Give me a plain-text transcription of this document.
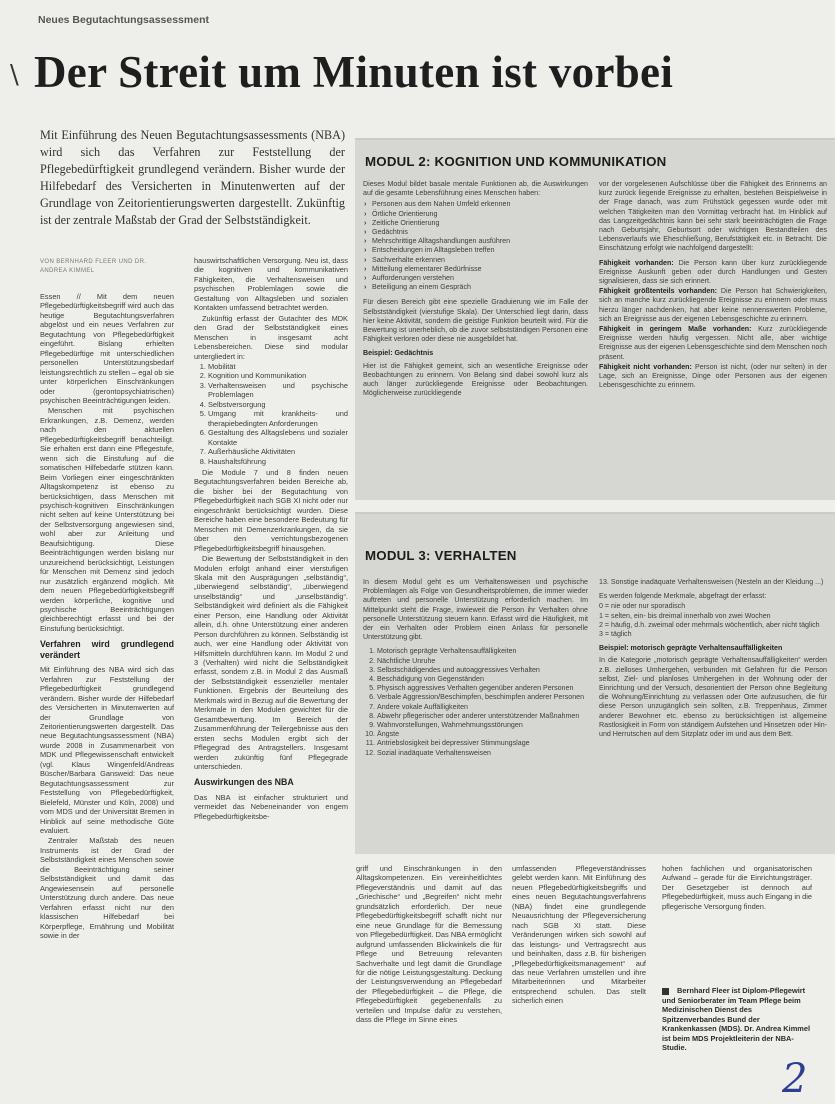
Neues Begutachtungsassessment
\ Der Streit um Minuten ist vorbei

Mit Einführung des Neuen Begutachtungsassessments (NBA) wird sich das Verfahren zur Feststellung der Pflegebedürftigkeit grundlegend verändern. Bisher wurde der Hilfebedarf des Versicherten in Minutenwerten auf der Grundlage von Zeitorientierungswerten dargestellt. Zukünftig ist der zentrale Maßstab der Grad der Selbstständigkeit.

VON BERNHARD FLEER UND DR. ANDREA KIMMEL

Essen // Mit dem neuen Pflegebedürftigkeitsbegriff wird auch das heutige Begutachtungsverfahren abgelöst und ein neues Verfahren zur Begutachtung von Pflegebedürftigkeit eingeführt. Bislang erhielten Pflegebedürftige mit unterschiedlichen personellen Unterstützungsbedarf leistungsrechtlich zu stellen – egal ob sie unter körperlichen Einschränkungen oder (gerontopsychiatrischen) psychischen Beeinträchtigungen leiden.

Menschen mit psychischen Erkrankungen, z.B. Demenz, werden nach den aktuellen Pflegebedürftigkeitsbegriff benachteiligt. Sie erhalten erst dann eine Pflegestufe, wenn sich die Einstufung auf die somatischen Hilfebedarfe stützen kann. Beim Vorliegen einer eingeschränkten Alltagskompetenz ist ebenso zu berücksichtigen, dass Menschen mit psychisch-kognitiven Einschränkungen nicht selten auf keine Unterstützung bei der Selbstversorgung angewiesen sind, wohl aber zur Anleitung und Beaufsichtigung. Diese Beeinträchtigungen werden bislang nur unzureichend berücksichtigt, Leistungen für Menschen mit Demenz sind jedoch nur zusätzlich ergänzend möglich. Mit dem neuen Pflegebedürftigkeitsbegriff werden körperliche, kognitive und psychische Beeinträchtigungen gleichberechtigt erfasst und bei der Einstufung berücksichtigt.

Verfahren wird grundlegend verändert

Mit Einführung des NBA wird sich das Verfahren zur Feststellung der Pflegebedürftigkeit grundlegend verändern. Bisher wurde der Hilfebedarf des Versicherten in Minutenwerten auf der Grundlage von Zeitorientierungswerten dargestellt. Das neue Begutachtungsassessment (NBA) wurde 2008 in Zusammenarbeit von MDK und Pflegewissenschaft entwickelt (vgl. Klaus Wingenfeld/Andreas Büscher/Barbara Gansweid: Das neue Begutachtungsassessment zur Feststellung von Pflegebedürftigkeit, Bielefeld, Münster und Köln, 2008) und vom MDS und der Universität Bremen in Hinblick auf seine methodische Güte evaluiert.

Zentraler Maßstab des neuen Instruments ist der Grad der Selbstständigkeit eines Menschen sowie die Beeinträchtigung seiner Selbstständigkeit und damit das Angewiesensein auf personelle Unterstützung durch andere. Das neue Verfahren erfasst nicht nur den klassischen Hilfebedarf bei Körperpflege, Ernährung und Mobilität sowie in der

hauswirtschaftlichen Versorgung. Neu ist, dass die kognitiven und kommunikativen Fähigkeiten, die Verhaltensweisen und psychischen Problemlagen sowie die Gestaltung von Alltagsleben und sozialen Kontakten umfassend betrachtet werden.

Zukünftig erfasst der Gutachter des MDK den Grad der Selbstständigkeit eines Menschen in insgesamt acht Lebensbereichen. Diese sind modular untergliedert in:

1. Mobilität
2. Kognition und Kommunikation
3. Verhaltensweisen und psychische Problemlagen
4. Selbstversorgung
5. Umgang mit krankheits- und therapiebedingten Anforderungen
6. Gestaltung des Alltagslebens und sozialer Kontakte
7. Außerhäusliche Aktivitäten
8. Haushaltsführung

Die Module 7 und 8 finden neuen Begutachtungsverfahren beiden Bereiche ab, die bisher bei der Begutachtung von Pflegebedürftigkeit nach SGB XI nicht oder nur eingeschränkt berücksichtigt wurden. Diese Bereiche haben eine besondere Bedeutung für Menschen mit Demenzerkrankungen, da sie über den verrichtungsbezogenen Pflegebedürftigkeitsbegriff hinausgehen.

Die Bewertung der Selbstständigkeit in den Modulen erfolgt anhand einer vierstufigen Skala mit den Ausprägungen „selbständig“, „überwiegend selbständig“, „überwiegend unselbständig“ und „unselbständig“. Selbständigkeit wird definiert als die Fähigkeit einer Person, eine Handlung oder Aktivität allein, d.h. ohne Unterstützung einer anderen Person durchführen zu können. Selbständig ist auch, wer eine Handlung oder Aktivität von Hilfsmitteln durchführen kann. Im Modul 2 und 3 (Verhalten) wird nicht die Selbständigkeit erfasst, sondern z.B. in Modul 2 das Ausmaß der Selbstständigkeit essenzieller mentaler Funktionen. Ergebnis der Beurteilung des Merkmals wird in Bezug auf die Bewertung der Merkmale in den Modulen gewichtet für die Gesamtbewertung. Im Bereich der Zusammenführung der Teilergebnisse aus den ersten sechs Modulen ergibt sich der Pflegegrad des Antragstellers. Insgesamt werden zukünftig fünf Pflegegrade unterschieden.

Auswirkungen des NBA

Das NBA ist einfacher strukturiert und vermeidet das Nebeneinander von engem Pflegebedürftigkeitsbe-

MODUL 2: KOGNITION UND KOMMUNIKATION

Dieses Modul bildet basale mentale Funktionen ab, die Auswirkungen auf die gesamte Lebensführung eines Menschen haben:

› Personen aus dem Nahen Umfeld erkennen
› Örtliche Orientierung
› Zeitliche Orientierung
› Gedächtnis
› Mehrschrittige Alltagshandlungen ausführen
› Entscheidungen im Alltagsleben treffen
› Sachverhalte erkennen
› Mitteilung elementarer Bedürfnisse
› Aufforderungen verstehen
› Beteiligung an einem Gespräch

Für diesen Bereich gibt eine spezielle Graduierung wie im Falle der Selbstständigkeit (vierstufige Skala). Der Unterschied liegt darin, dass hier keine Aktivität, sondern die geistige Funktion beurteilt wird. Für die Bewertung ist unerheblich, ob die zuvor selbstständigen Personen eine Fähigkeit verloren oder diese nie ausgebildet hat.

Beispiel: Gedächtnis

Hier ist die Fähigkeit gemeint, sich an wesentliche Ereignisse oder Beobachtungen zu erinnern. Von Belang sind dabei sowohl kurz als auch länger zurückliegende Ereignisse oder Beobachtungen. Möglicherweise zurückliegende

vor der vorgelesenen Aufschlüsse über die Fähigkeit des Erinnerns an kurz zurück liegende Ereignisse zu erhalten, bestehen Beispielweise in der Frage danach, was zum Frühstück gegessen wurde oder mit welchen Tätigkeiten man den Vormittag verbracht hat. Im Hinblick auf das Langzeitgedächtnis kann bei sehr stark beeinträchtigten die Frage nach Geburtsjahr, Geburtsort oder wichtigen Bestandteilen des Lebensverlaufs wie Eheschließung, Berufstätigkeit etc. in Betracht. Die Einschätzung erfolgt wie nachfolgend dargestellt:

Fähigkeit vorhanden: Die Person kann über kurz zurückliegende Ereignisse Auskunft geben oder durch Handlungen und Gesten signalisieren, dass sie sich erinnert.

Fähigkeit größtenteils vorhanden: Die Person hat Schwierigkeiten, sich an manche kurz zurückliegende Ereignisse zu erinnern oder muss hierzu länger nachdenken, hat aber keine nennenswerten Probleme, sich an Ereignisse aus der eigenen Lebensgeschichte zu erinnern.

Fähigkeit in geringem Maße vorhanden: Kurz zurückliegende Ereignisse werden häufig vergessen. Nicht alle, aber wichtige Ereignisse aus der eigenen Lebensgeschichte sind dem Menschen noch präsent.

Fähigkeit nicht vorhanden: Person ist nicht, (oder nur selten) in der Lage, sich an Ereignisse, Dinge oder Personen aus der eigenen Lebensgeschichte zu erinnern.

MODUL 3: VERHALTEN

In diesem Modul geht es um Verhaltensweisen und psychische Problemlagen als Folge von Gesundheitsproblemen, die immer wieder auftreten und personelle Unterstützung erforderlich machen. Im Mittelpunkt steht die Frage, inwieweit die Person ihr Verhalten ohne personelle Unterstützung steuern kann. Erfasst wird die Häufigkeit, mit der ein Verhalten oder Problem einen Anlass für personelle Unterstützung gibt.

1. Motorisch geprägte Verhaltensauffälligkeiten
2. Nächtliche Unruhe
3. Selbstschädigendes und autoaggressives Verhalten
4. Beschädigung von Gegenständen
5. Physisch aggressives Verhalten gegenüber anderen Personen
6. Verbale Aggression/Beschimpfen, beschimpfen anderer Personen
7. Andere vokale Auffälligkeiten
8. Abwehr pflegerischer oder anderer unterstützender Maßnahmen
9. Wahnvorstellungen, Wahrnehmungsstörungen
10. Ängste
11. Antriebslosigkeit bei depressiver Stimmungslage
12. Sozial inadäquate Verhaltensweisen

13. Sonstige inadäquate Verhaltensweisen (Nesteln an der Kleidung ...)

Es werden folgende Merkmale, abgefragt der erfasst:

0 = nie oder nur sporadisch
1 = selten, ein- bis dreimal innerhalb von zwei Wochen
2 = häufig, d.h. zweimal oder mehrmals wöchentlich, aber nicht täglich
3 = täglich

Beispiel: motorisch geprägte Verhaltensauffälligkeiten

In die Kategorie „motorisch geprägte Verhaltensauffälligkeiten“ werden z.B. zielloses Umhergehen, verbunden mit Gefahren für die Person selbst, Ziel- und planloses Umhergehen in der Wohnung oder der Einrichtung und der Versuch, desorientiert der Person ohne Begleitung die Wohnung/Einrichtung zu verlassen oder Orte aufzusuchen, die für diese Person unzugänglich sein sollten, z.B. Treppenhaus, Zimmer anderer Bewohner etc. ebenso zu berücksichtigen ist allgemeine Rastlosigkeit in Form von ständigem Aufstehen und Hinsetzen oder Hin- und Herrutschen auf dem Sitzplatz oder im und aus dem Bett.

griff und Einschränkungen in den Alltagskompetenzen. Ein vereinheitlichtes Pflegeverständnis und damit auf das „Griechische“ und „Begreifen“ nicht mehr grundsätzlich erforderlich. Der neue Pflegebedürftigkeitsbegriff schafft nicht nur eine neue Grundlage für die Bemessung von Pflegebedürftigkeit. Das NBA ermöglicht aufgrund umfassenden Blickwinkels die für Pflege und Betreuung relevanten Sachverhalte und legt damit die Grundlage für die nötige Leistungsgestaltung. Deckung der Leistungsverwendung an Pflegebedarf der Pflegebedürftigkeit – die Pflege, die Pflegebedürftigkeit gegebenenfalls zu verteilen und Impulse dafür zu verstehen, dass die Pflege im Sinne eines

umfassenden Pflegeverständnisses gelebt werden kann. Mit Einführung des neuen Pflegebedürftigkeitsbegriffs und eines neuen Begutachtungsverfahrens (NBA) findet eine grundlegende Neuausrichtung der Pflegeversicherung nach SGB XI statt. Diese Veränderungen wirken sich sowohl auf das leistungs- und Vertragsrecht aus und beinhalten, dass z.B. für bisherigen „Pflegebedürftigkeitsmanagement“ auf das neue Verfahren umstellen und ihre Mitarbeiterinnen und Mitarbeiter entsprechend schulen. Das stellt sicherlich einen

hohen fachlichen und organisatorischen Aufwand – gerade für die Einrichtungsträger. Der Gesetzgeber ist dennoch auf Pflegebedürftigkeit, muss auch Eingang in die pflegerische Versorgung finden.

Bernhard Fleer ist Diplom-Pflegewirt und Seniorberater im Team Pflege beim Medizinischen Dienst des Spitzenverbandes Bund der Krankenkassen (MDS). Dr. Andrea Kimmel ist beim MDS Projektleiterin der NBA-Studie.
2
